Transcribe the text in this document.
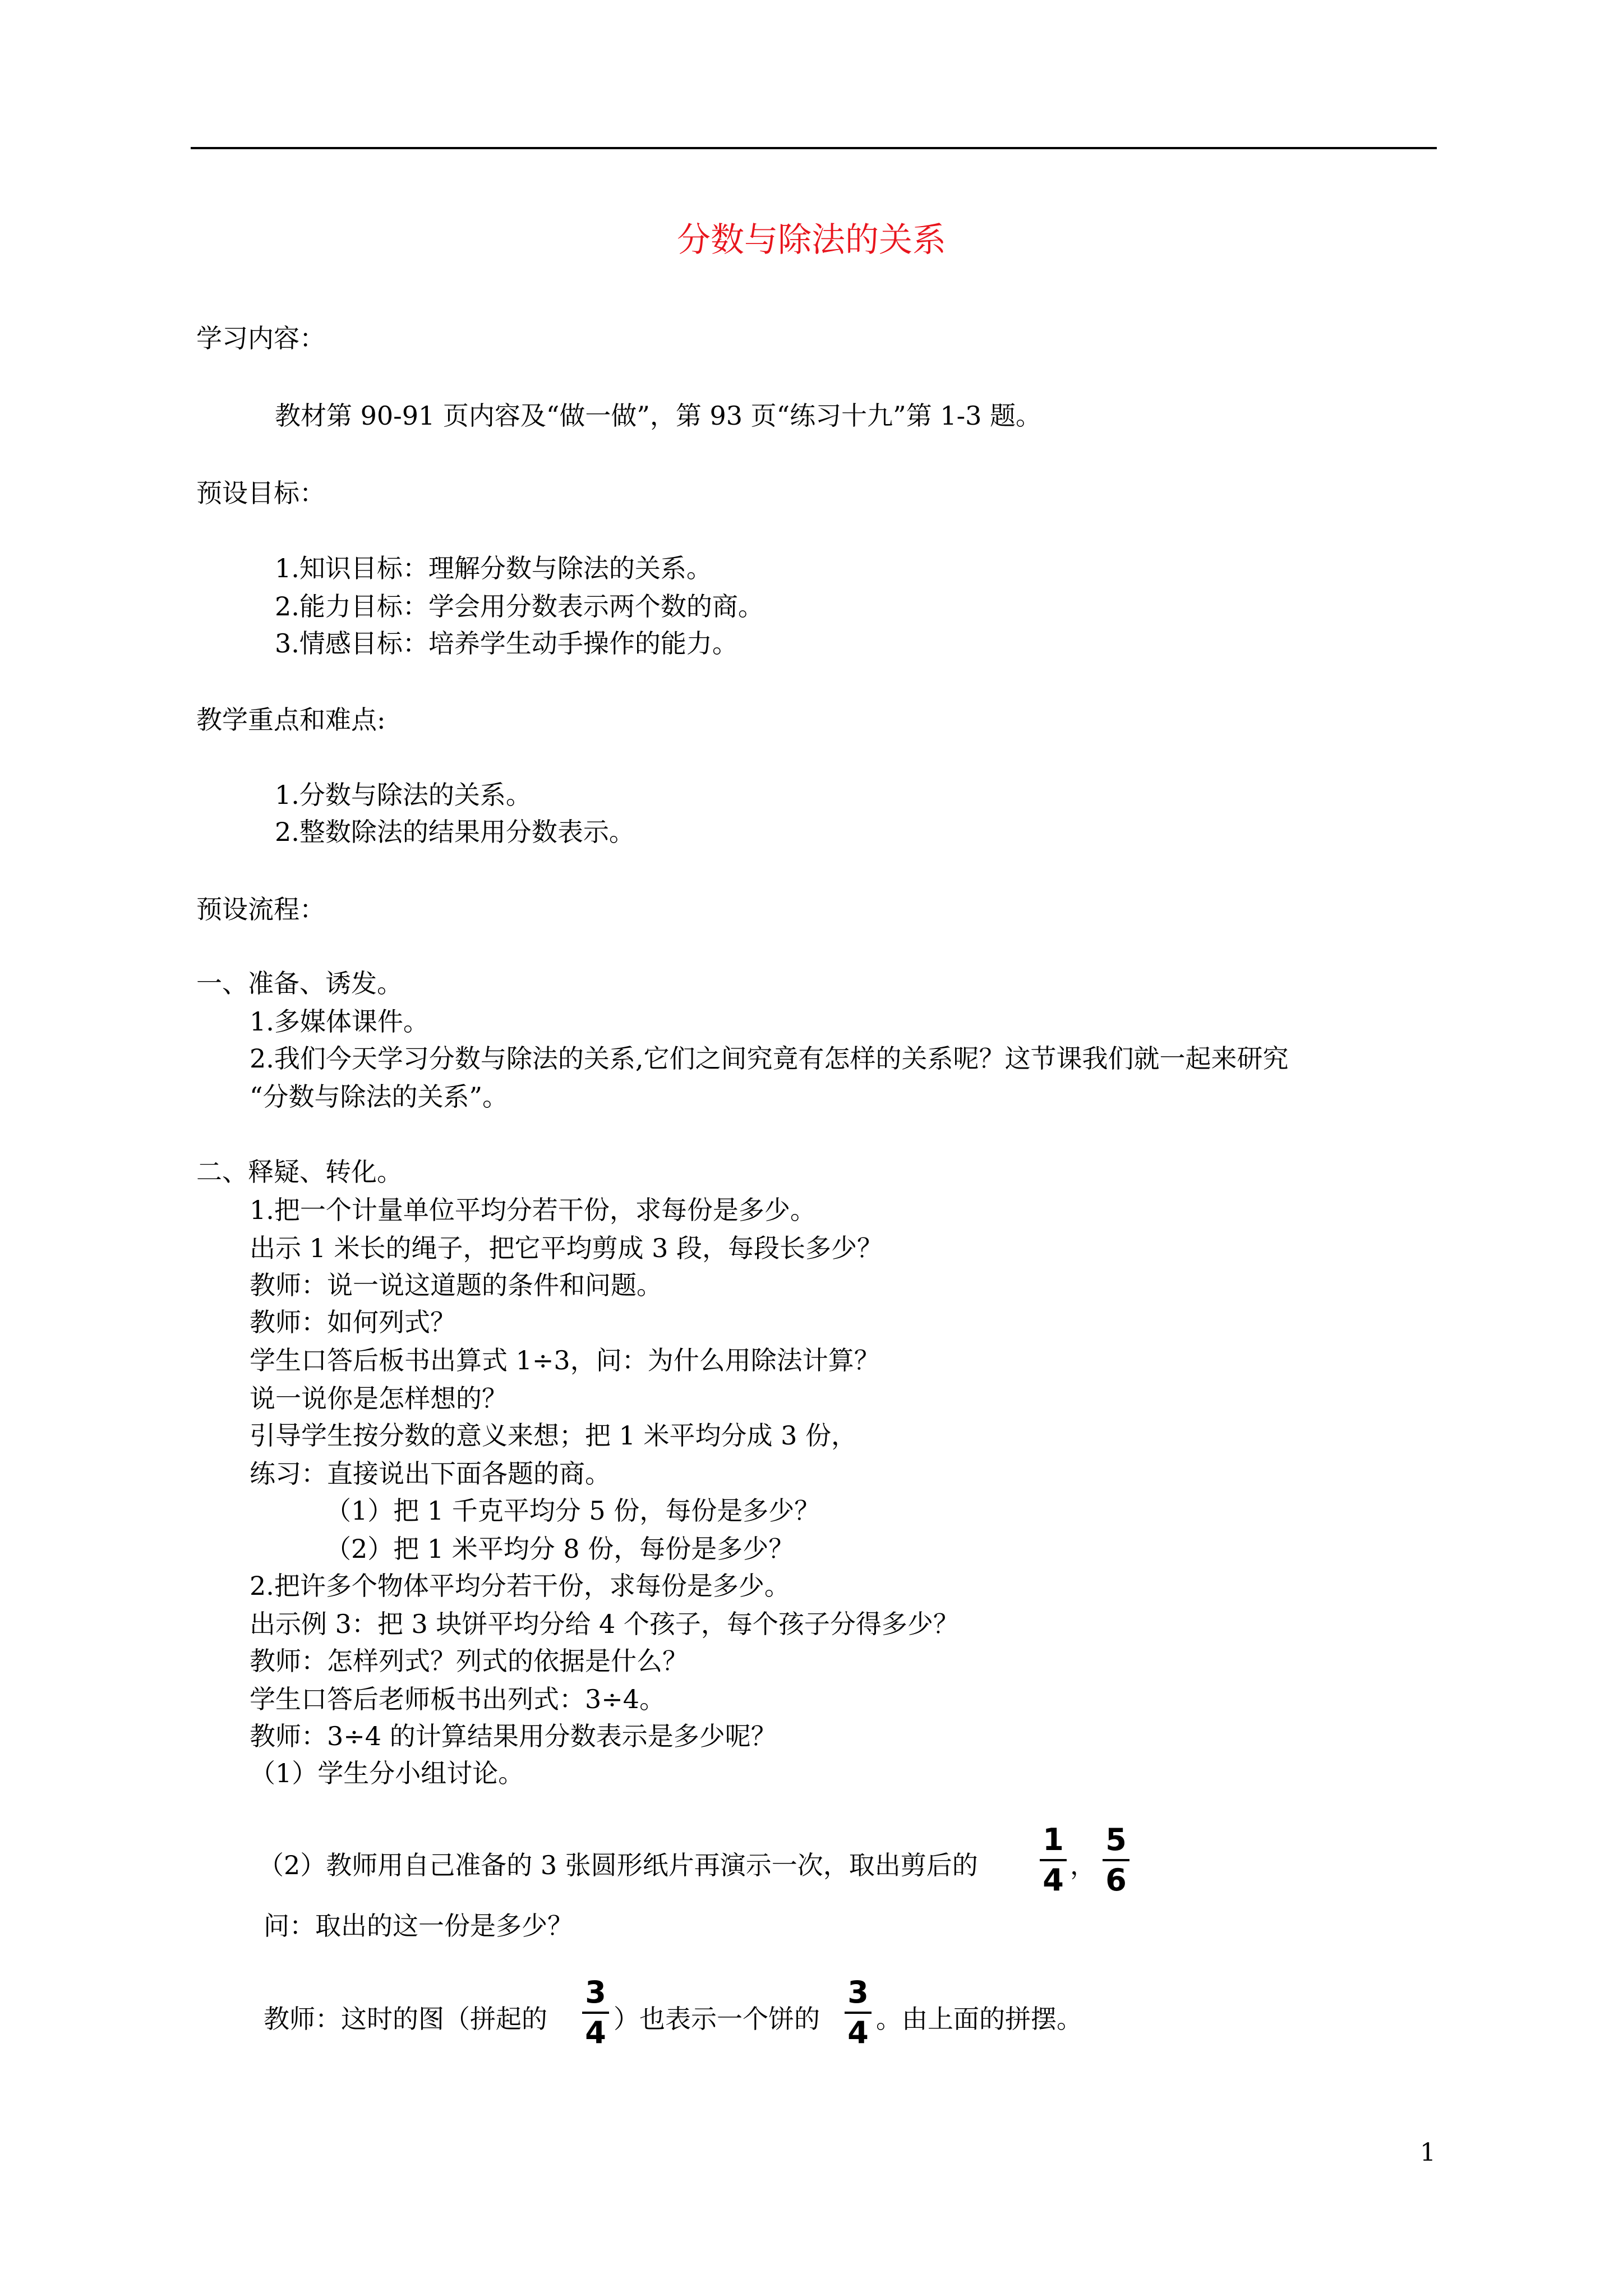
分数与除法的关系
学习内容：
教材第 90-91 页内容及“做一做”，第 93 页“练习十九”第 1-3 题。
预设目标：
1.知识目标：理解分数与除法的关系。
2.能力目标：学会用分数表示两个数的商。
3.情感目标：培养学生动手操作的能力。
教学重点和难点:
1.分数与除法的关系。
2.整数除法的结果用分数表示。
预设流程：
一、准备、诱发。
1.多媒体课件。
2.我们今天学习分数与除法的关系,它们之间究竟有怎样的关系呢？这节课我们就一起来研究
“分数与除法的关系”。
二、释疑、转化。
1.把一个计量单位平均分若干份，求每份是多少。
出示 1 米长的绳子，把它平均剪成 3 段，每段长多少？
教师：说一说这道题的条件和问题。
教师：如何列式？
学生口答后板书出算式 1÷3，问：为什么用除法计算？
说一说你是怎样想的？
引导学生按分数的意义来想；把 1 米平均分成 3 份，
练习：直接说出下面各题的商。
（1）把 1 千克平均分 5 份，每份是多少？
（2）把 1 米平均分 8 份，每份是多少？
2.把许多个物体平均分若干份，求每份是多少。
出示例 3：把 3 块饼平均分给 4 个孩子，每个孩子分得多少？
教师：怎样列式？列式的依据是什么？
学生口答后老师板书出列式：3÷4。
教师：3÷4 的计算结果用分数表示是多少呢？
（1）学生分小组讨论。
（2）教师用自己准备的 3 张圆形纸片再演示一次，取出剪后的
1
4 ，
5
6
问：取出的这一份是多少？
教师：这时的图（拼起的
3
4 ）也表示一个饼的
3
4 。由上面的拼摆。
1
